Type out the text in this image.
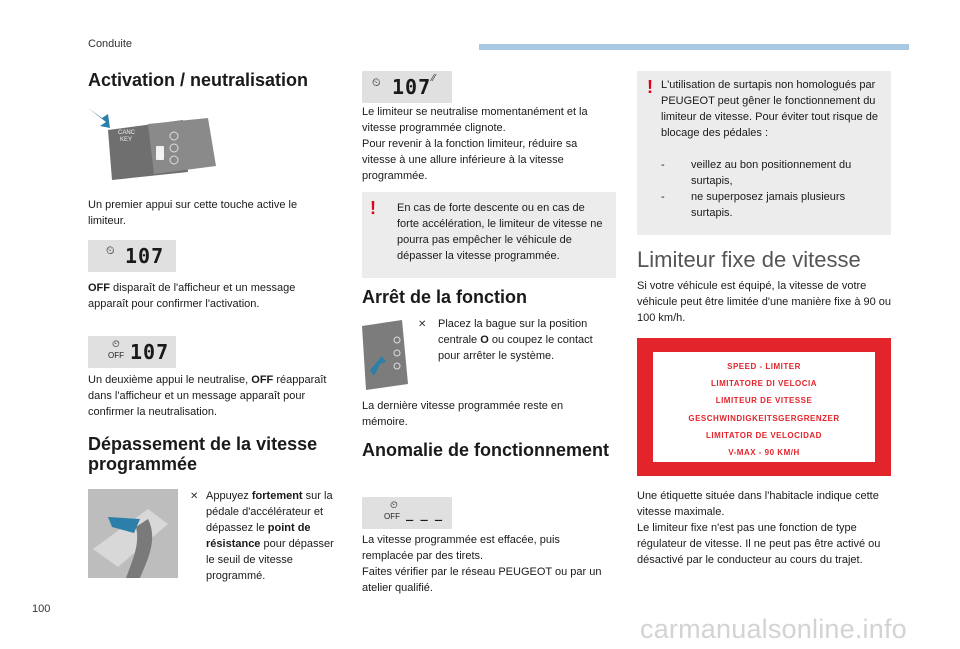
Conduite
100
carmanualsonline.info
Activation / neutralisation
CANC
KEY

Un premier appui sur cette touche active le limiteur.

⏲ 107

OFF disparaît de l'afficheur et un message apparaît pour confirmer l'activation.

⏲
OFF 107

Un deuxième appui le neutralise, OFF réapparaît dans l'afficheur et un message apparaît pour confirmer la neutralisation.

Dépassement de la vitesse programmée
✕ Appuyez fortement sur la pédale d'accélérateur et dépassez le point de résistance pour dépasser le seuil de vitesse programmé.

⏲ 107 ⁄⁄

Le limiteur se neutralise momentanément et la vitesse programmée clignote.

Pour revenir à la fonction limiteur, réduire sa vitesse à une allure inférieure à la vitesse programmée.

! En cas de forte descente ou en cas de forte accélération, le limiteur de vitesse ne pourra pas empêcher le véhicule de dépasser la vitesse programmée.

Arrêt de la fonction
✕ Placez la bague sur la position centrale O ou coupez le contact pour arrêter le système.

La dernière vitesse programmée reste en mémoire.

Anomalie de fonctionnement
⏲
OFF _ _ _

La vitesse programmée est effacée, puis remplacée par des tirets.

Faites vérifier par le réseau PEUGEOT ou par un atelier qualifié.

! L'utilisation de surtapis non homologués par PEUGEOT peut gêner le fonctionnement du limiteur de vitesse. Pour éviter tout risque de blocage des pédales :

- veillez au bon positionnement du surtapis,
- ne superposez jamais plusieurs surtapis.
Limiteur fixe de vitesse

Si votre véhicule est équipé, la vitesse de votre véhicule peut être limitée d'une manière fixe à 90 ou 100 km/h.

SPEED - LIMITER
LIMITATORE DI VELOCIA
LIMITEUR DE VITESSE
GESCHWINDIGKEITSGERGRENZER
LIMITATOR DE VELOCIDAD
V-MAX - 90 KM/H

Une étiquette située dans l'habitacle indique cette vitesse maximale.

Le limiteur fixe n'est pas une fonction de type régulateur de vitesse. Il ne peut pas être activé ou désactivé par le conducteur au cours du trajet.
